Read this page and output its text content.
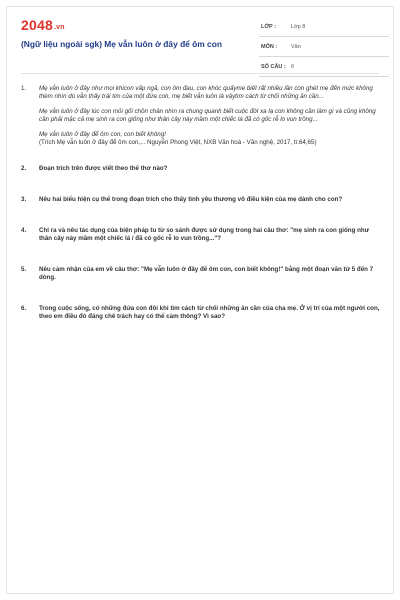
2048.vn
(Ngữ liệu ngoài sgk) Mẹ vẫn luôn ở đây để ôm con
LỚP :	Lớp 8
MÔN :	Văn
SỐ CÂU : 6
1. Mẹ vẫn luôn ở đây như mọi khicon vấp ngã, con ôm đau, con khóc quấyme biết rất nhiều lần con ghét mẹ đến mức không thèm nhìn dù vẫn thấy trái tim của một đứa con, mẹ biết vẫn luôn là vậytìm cách từ chối những ăn cần...

Mẹ vẫn luôn ở đây lúc con mỏi gối chồn chân nhìn ra chung quanh biết cuộc đời xa lạ con không cần làm gì và cũng không cần phải mặc cả mẹ sinh ra con giống như thân cây này mầm một chiếc lá đã có gốc rễ lo vun trồng...

Mẹ vẫn luôn ở đây để ôm con, con biết không!

(Trích Mẹ vẫn luôn ở đây để ôm con,... Nguyễn Phong Việt, NXB Văn hoá - Văn nghệ, 2017, tr.64,65)

2. Đoạn trích trên được viết theo thể thơ nào?
3. Nêu hai biểu hiện cụ thể trong đoạn trích cho thấy tình yêu thương vô điều kiện của mẹ dành cho con?
4. Chỉ ra và nêu tác dụng của biện pháp tu từ so sánh được sử dụng trong hai câu thơ: "mẹ sinh ra con giống như thân cây này mầm một chiếc lá / đã có gốc rễ lo vun trồng..."?
5. Nêu cảm nhận của em về câu thơ: "Mẹ vẫn luôn ở đây để ôm con, con biết không!" bằng một đoạn văn từ 5 đến 7 dòng.
6. Trong cuộc sống, có những đứa con đôi khi tìm cách từ chối những ân cần của cha mẹ. Ở vị trí của một người con, theo em điều đó đáng chê trách hay có thể cảm thông? Vì sao?
